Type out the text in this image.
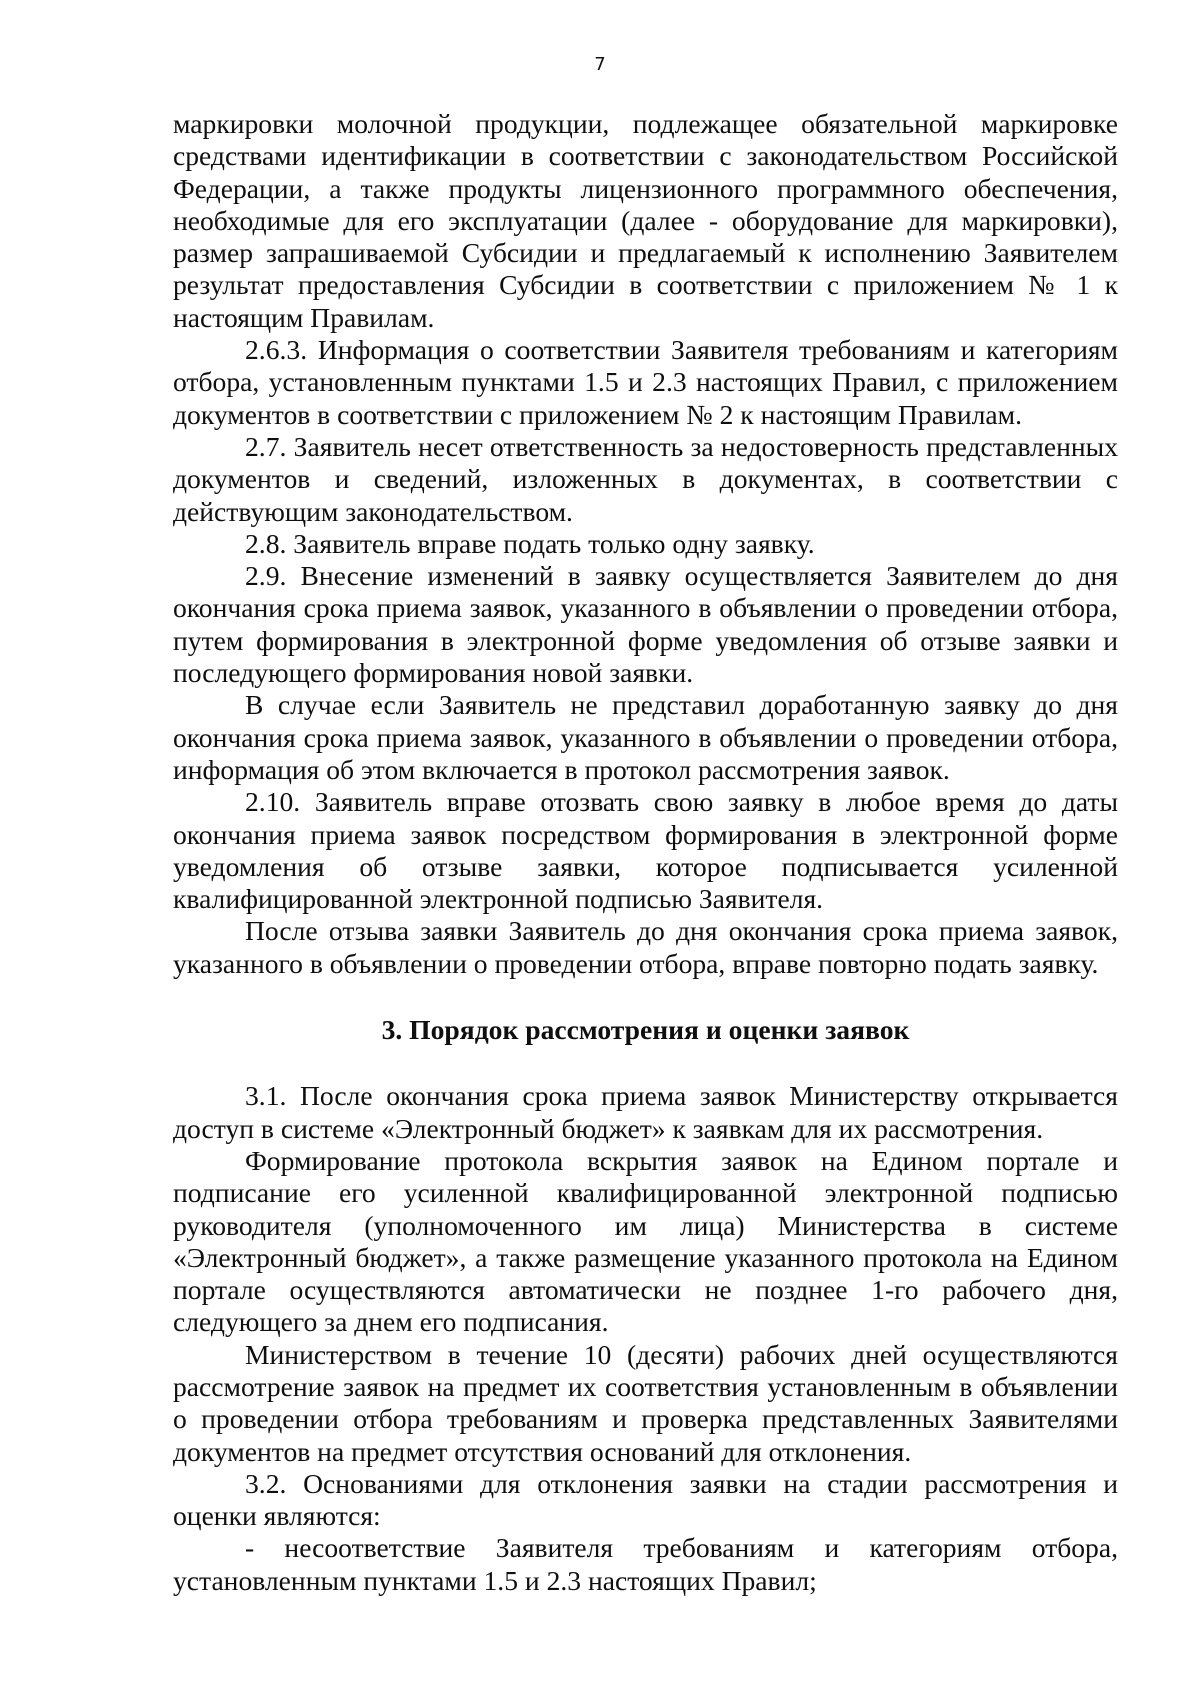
7

маркировки молочной продукции, подлежащее обязательной маркировке средствами идентификации в соответствии с законодательством Российской Федерации, а также продукты лицензионного программного обеспечения, необходимые для его эксплуатации (далее - оборудование для маркировки), размер запрашиваемой Субсидии и предлагаемый к исполнению Заявителем результат предоставления Субсидии в соответствии с приложением № 1 к настоящим Правилам.

2.6.3. Информация о соответствии Заявителя требованиям и категориям отбора, установленным пунктами 1.5 и 2.3 настоящих Правил, с приложением документов в соответствии с приложением № 2 к настоящим Правилам.

2.7. Заявитель несет ответственность за недостоверность представленных документов и сведений, изложенных в документах, в соответствии с действующим законодательством.

2.8. Заявитель вправе подать только одну заявку.

2.9. Внесение изменений в заявку осуществляется Заявителем до дня окончания срока приема заявок, указанного в объявлении о проведении отбора, путем формирования в электронной форме уведомления об отзыве заявки и последующего формирования новой заявки.

В случае если Заявитель не представил доработанную заявку до дня окончания срока приема заявок, указанного в объявлении о проведении отбора, информация об этом включается в протокол рассмотрения заявок.

2.10. Заявитель вправе отозвать свою заявку в любое время до даты окончания приема заявок посредством формирования в электронной форме уведомления об отзыве заявки, которое подписывается усиленной квалифицированной электронной подписью Заявителя.

После отзыва заявки Заявитель до дня окончания срока приема заявок, указанного в объявлении о проведении отбора, вправе повторно подать заявку.

3. Порядок рассмотрения и оценки заявок

3.1. После окончания срока приема заявок Министерству открывается доступ в системе «Электронный бюджет» к заявкам для их рассмотрения.

Формирование протокола вскрытия заявок на Едином портале и подписание его усиленной квалифицированной электронной подписью руководителя (уполномоченного им лица) Министерства в системе «Электронный бюджет», а также размещение указанного протокола на Едином портале осуществляются автоматически не позднее 1-го рабочего дня, следующего за днем его подписания.

Министерством в течение 10 (десяти) рабочих дней осуществляются рассмотрение заявок на предмет их соответствия установленным в объявлении о проведении отбора требованиям и проверка представленных Заявителями документов на предмет отсутствия оснований для отклонения.

3.2. Основаниями для отклонения заявки на стадии рассмотрения и оценки являются:

- несоответствие Заявителя требованиям и категориям отбора, установленным пунктами 1.5 и 2.3 настоящих Правил;
